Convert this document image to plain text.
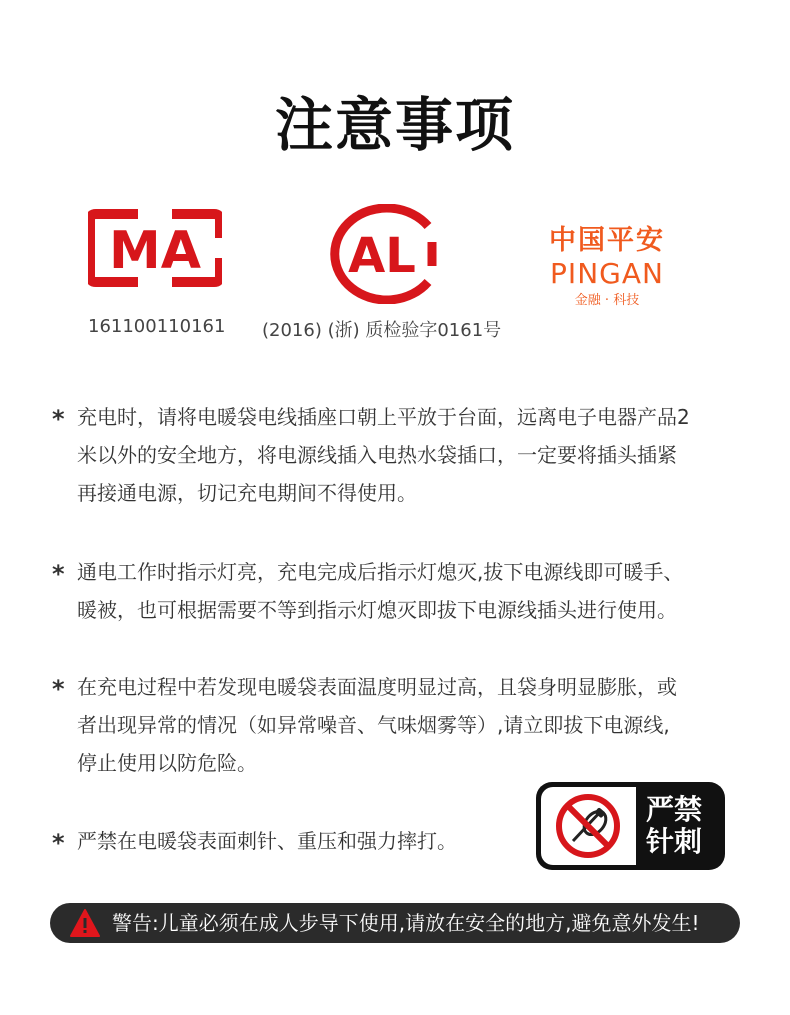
注意事项
MA
161100110161
AL
(2016) (浙) 质检验字0161号
中国平安
PINGAN
金融 · 科技
* 充电时，请将电暖袋电线插座口朝上平放于台面，远离电子电器产品2
米以外的安全地方，将电源线插入电热水袋插口，一定要将插头插紧
再接通电源，切记充电期间不得使用。
* 通电工作时指示灯亮，充电完成后指示灯熄灭,拔下电源线即可暖手、
暖被，也可根据需要不等到指示灯熄灭即拔下电源线插头进行使用。
* 在充电过程中若发现电暖袋表面温度明显过高，且袋身明显膨胀，或
者出现异常的情况（如异常噪音、气味烟雾等）,请立即拔下电源线,
停止使用以防危险。
* 严禁在电暖袋表面刺针、重压和强力摔打。
严禁
针刺
警告:儿童必须在成人步导下使用,请放在安全的地方,避免意外发生!
